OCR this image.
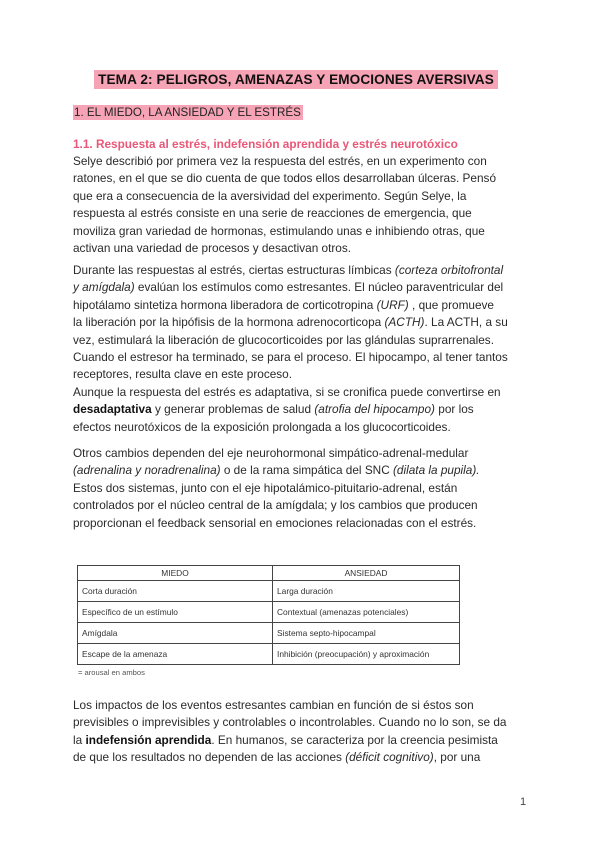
TEMA 2: PELIGROS, AMENAZAS Y EMOCIONES AVERSIVAS
1. EL MIEDO, LA ANSIEDAD Y EL ESTRÉS
1.1. Respuesta al estrés, indefensión aprendida y estrés neurotóxico
Selye describió por primera vez la respuesta del estrés, en un experimento con
ratones, en el que se dio cuenta de que todos ellos desarrollaban úlceras. Pensó
que era a consecuencia de la aversividad del experimento. Según Selye, la
respuesta al estrés consiste en una serie de reacciones de emergencia, que
moviliza gran variedad de hormonas, estimulando unas e inhibiendo otras, que
activan una variedad de procesos y desactivan otros.
Durante las respuestas al estrés, ciertas estructuras límbicas (corteza orbitofrontal
y amígdala) evalúan los estímulos como estresantes. El núcleo paraventricular del
hipotálamo sintetiza hormona liberadora de corticotropina (URF) , que promueve
la liberación por la hipófisis de la hormona adrenocorticopa (ACTH). La ACTH, a su
vez, estimulará la liberación de glucocorticoides por las glándulas suprarrenales.
Cuando el estresor ha terminado, se para el proceso. El hipocampo, al tener tantos
receptores, resulta clave en este proceso.
Aunque la respuesta del estrés es adaptativa, si se cronifica puede convertirse en
desadaptativa y generar problemas de salud (atrofia del hipocampo) por los
efectos neurotóxicos de la exposición prolongada a los glucocorticoides.
Otros cambios dependen del eje neurohormonal simpático-adrenal-medular
(adrenalina y noradrenalina) o de la rama simpática del SNC (dilata la pupila).
Estos dos sistemas, junto con el eje hipotalámico-pituitario-adrenal, están
controlados por el núcleo central de la amígdala; y los cambios que producen
proporcionan el feedback sensorial en emociones relacionadas con el estrés.
MIEDO	ANSIEDAD
Corta duración	Larga duración
Específico de un estímulo	Contextual (amenazas potenciales)
Amígdala	Sistema septo-hipocampal
Escape de la amenaza	Inhibición (preocupación) y aproximación
= arousal en ambos
Los impactos de los eventos estresantes cambian en función de si éstos son
previsibles o imprevisibles y controlables o incontrolables. Cuando no lo son, se da
la indefensión aprendida. En humanos, se caracteriza por la creencia pesimista
de que los resultados no dependen de las acciones (déficit cognitivo), por una
1
